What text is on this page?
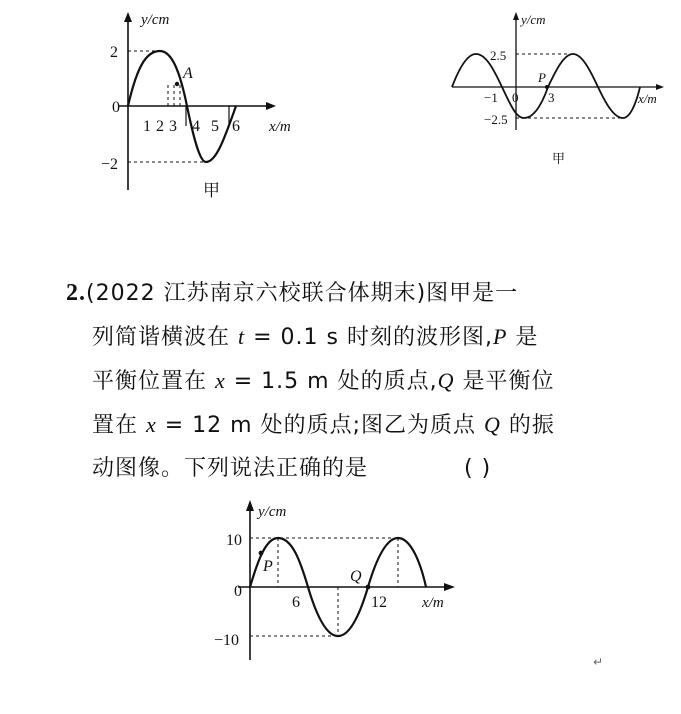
y/cm
x/m
2
0
−2
A
1 2 3 4 5 6
甲
y/cm
x/m
2.5
−2.5
P
−1 0 3
甲
2.(2022 江苏南京六校联合体期末)图甲是一
列简谐横波在 t = 0.1 s 时刻的波形图,P 是
平衡位置在 x = 1.5 m 处的质点,Q 是平衡位
置在 x = 12 m 处的质点;图乙为质点 Q 的振
动图像。下列说法正确的是	( )
y/cm
x/m
10
0
−10
P
Q
6	12
↵
